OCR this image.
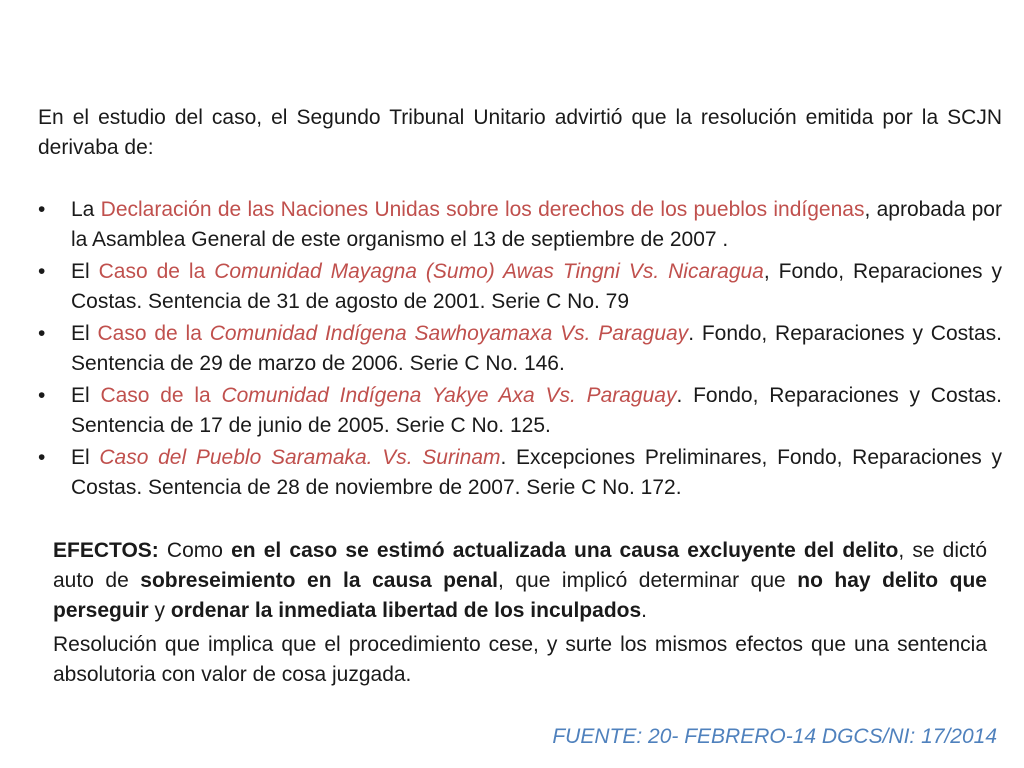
En el estudio del caso, el Segundo Tribunal Unitario advirtió que la resolución emitida por la SCJN derivaba de:

•	La Declaración de las Naciones Unidas sobre los derechos de los pueblos indígenas, aprobada por la Asamblea General de este organismo el 13 de septiembre de 2007 .
•	El Caso de la Comunidad Mayagna (Sumo) Awas Tingni Vs. Nicaragua, Fondo, Reparaciones y Costas. Sentencia de 31 de agosto de 2001. Serie C No. 79
•	El Caso de la Comunidad Indígena Sawhoyamaxa Vs. Paraguay. Fondo, Reparaciones y Costas. Sentencia de 29 de marzo de 2006. Serie C No. 146.
•	El Caso de la Comunidad Indígena Yakye Axa Vs. Paraguay. Fondo, Reparaciones y Costas. Sentencia de 17 de junio de 2005. Serie C No. 125.
•	El Caso del Pueblo Saramaka. Vs. Surinam. Excepciones Preliminares, Fondo, Reparaciones y Costas. Sentencia de 28 de noviembre de 2007. Serie C No. 172.

EFECTOS: Como en el caso se estimó actualizada una causa excluyente del delito, se dictó auto de sobreseimiento en la causa penal, que implicó determinar que no hay delito que perseguir y ordenar la inmediata libertad de los inculpados.

Resolución que implica que el procedimiento cese, y surte los mismos efectos que una sentencia absolutoria con valor de cosa juzgada.

FUENTE: 20- FEBRERO-14 DGCS/NI: 17/2014
